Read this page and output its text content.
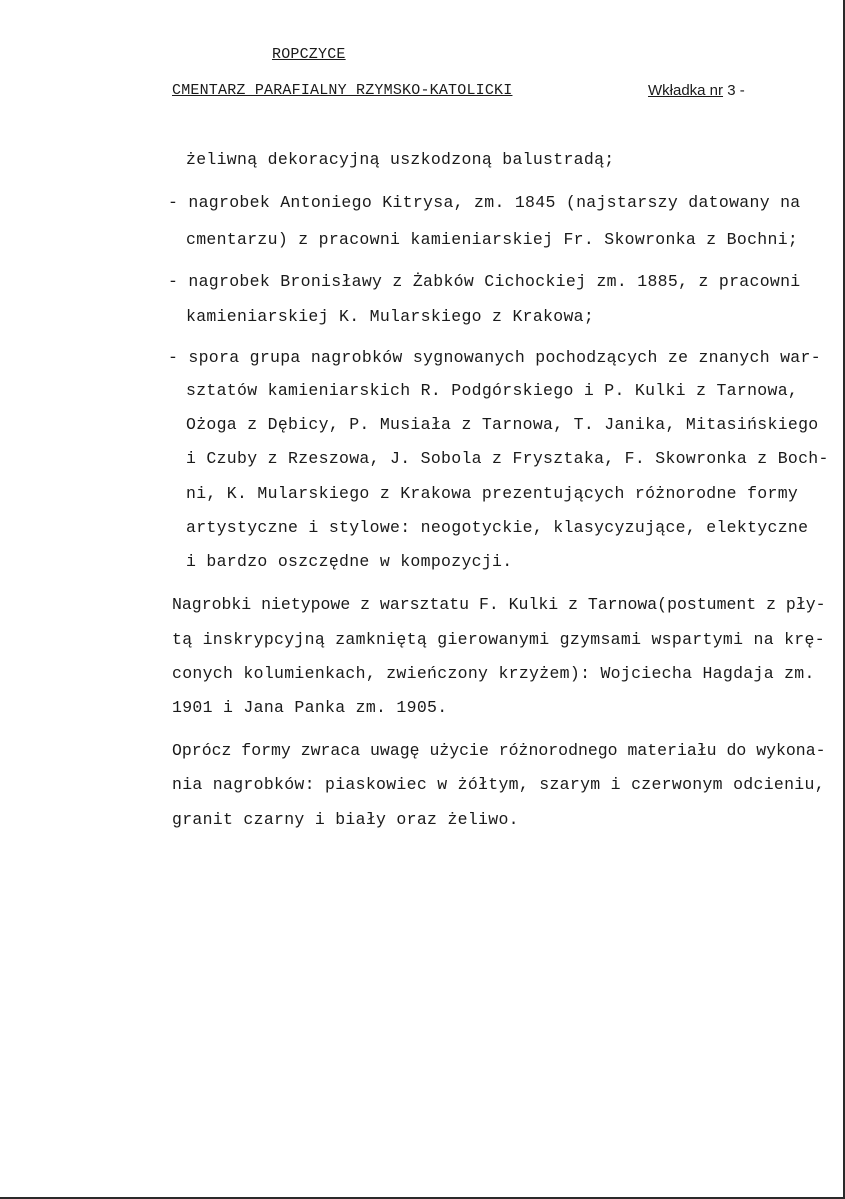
ROPCZYCE
CMENTARZ PARAFIALNY RZYMSKO-KATOLICKI	Wkładka nr 3 -
żeliwną dekoracyjną uszkodzoną balustradą;
- nagrobek Antoniego Kitrysa, zm. 1845 (najstarszy datowany na
cmentarzu) z pracowni kamieniarskiej Fr. Skowronka z Bochni;
- nagrobek Bronisławy z Żabków Cichockiej zm. 1885, z pracowni
kamieniarskiej K. Mularskiego z Krakowa;
- spora grupa nagrobków sygnowanych pochodzących ze znanych war-
sztatów kamieniarskich R. Podgórskiego i P. Kulki z Tarnowa,
Ożoga z Dębicy, P. Musiała z Tarnowa, T. Janika, Mitasińskiego
i Czuby z Rzeszowa, J. Sobola z Frysztaka, F. Skowronka z Boch-
ni, K. Mularskiego z Krakowa prezentujących różnorodne formy
artystyczne i stylowe: neogotyckie, klasycyzujące, elektyczne
i bardzo oszczędne w kompozycji.
Nagrobki nietypowe z warsztatu F. Kulki z Tarnowa(postument z pły-
tą inskrypcyjną zamkniętą gierowanymi gzymsami wspartymi na krę-
conych kolumienkach, zwieńczony krzyżem): Wojciecha Hagdaja zm.
1901 i Jana Panka zm. 1905.
Oprócz formy zwraca uwagę użycie różnorodnego materiału do wykona-
nia nagrobków: piaskowiec w żółtym, szarym i czerwonym odcieniu,
granit czarny i biały oraz żeliwo.
